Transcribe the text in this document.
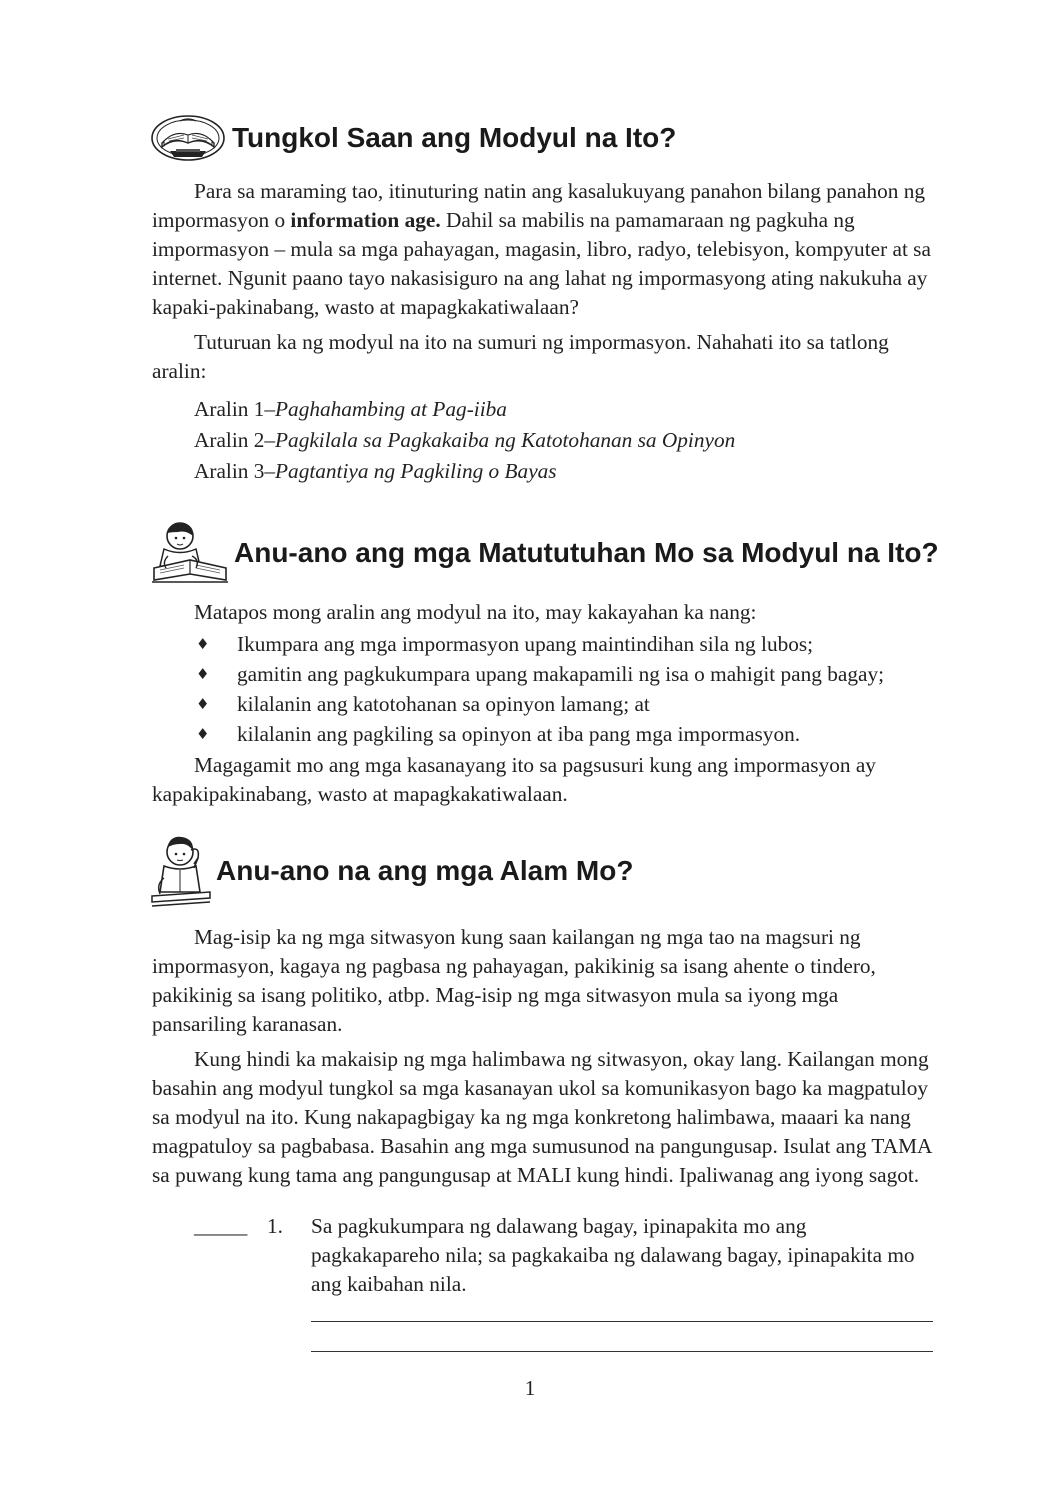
Tungkol Saan ang Modyul na Ito?

Para sa maraming tao, itinuturing natin ang kasalukuyang panahon bilang panahon ng impormasyon o information age. Dahil sa mabilis na pamamaraan ng pagkuha ng impormasyon – mula sa mga pahayagan, magasin, libro, radyo, telebisyon, kompyuter at sa internet. Ngunit paano tayo nakasisiguro na ang lahat ng impormasyong ating nakukuha ay kapaki-pakinabang, wasto at mapagkakatiwalaan?

Tuturuan ka ng modyul na ito na sumuri ng impormasyon. Nahahati ito sa tatlong aralin:

Aralin 1–Paghahambing at Pag-iiba
Aralin 2–Pagkilala sa Pagkakaiba ng Katotohanan sa Opinyon
Aralin 3–Pagtantiya ng Pagkiling o Bayas
Anu-ano ang mga Matututuhan Mo sa Modyul na Ito?

Matapos mong aralin ang modyul na ito, may kakayahan ka nang:

♦ Ikumpara ang mga impormasyon upang maintindihan sila ng lubos;
♦ gamitin ang pagkukumpara upang makapamili ng isa o mahigit pang bagay;
♦ kilalanin ang katotohanan sa opinyon lamang; at
♦ kilalanin ang pagkiling sa opinyon at iba pang mga impormasyon.

Magagamit mo ang mga kasanayang ito sa pagsusuri kung ang impormasyon ay kapakipakinabang, wasto at mapagkakatiwalaan.

Anu-ano na ang mga Alam Mo?

Mag-isip ka ng mga sitwasyon kung saan kailangan ng mga tao na magsuri ng impormasyon, kagaya ng pagbasa ng pahayagan, pakikinig sa isang ahente o tindero, pakikinig sa isang politiko, atbp. Mag-isip ng mga sitwasyon mula sa iyong mga pansariling karanasan.

Kung hindi ka makaisip ng mga halimbawa ng sitwasyon, okay lang. Kailangan mong basahin ang modyul tungkol sa mga kasanayan ukol sa komunikasyon bago ka magpatuloy sa modyul na ito. Kung nakapagbigay ka ng mga konkretong halimbawa, maaari ka nang magpatuloy sa pagbabasa. Basahin ang mga sumusunod na pangungusap. Isulat ang TAMA sa puwang kung tama ang pangungusap at MALI kung hindi. Ipaliwanag ang iyong sagot.

_____ 1. Sa pagkukumpara ng dalawang bagay, ipinapakita mo ang pagkakapareho nila; sa pagkakaiba ng dalawang bagay, ipinapakita mo ang kaibahan nila.
1
